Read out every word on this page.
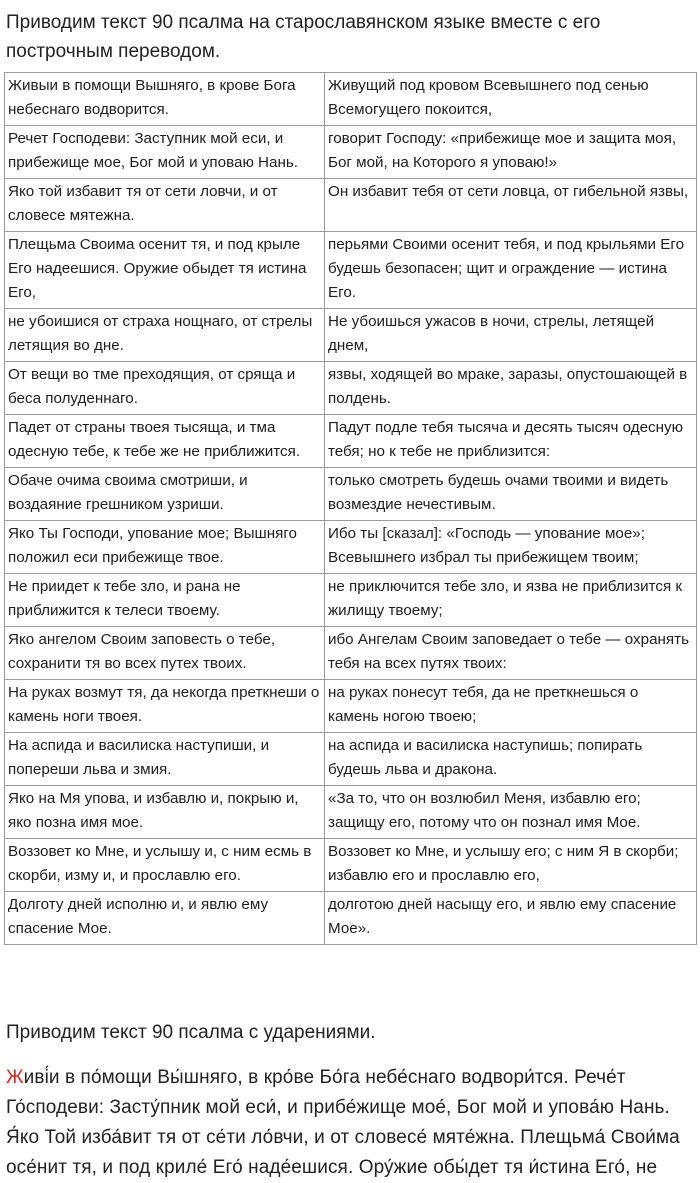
Приводим текст 90 псалма на старославянском языке вместе с его построчным переводом.

Живыи в помощи Вышняго, в крове Бога небеснаго водворится.	Живущий под кровом Всевышнего под сенью Всемогущего покоится,
Речет Господеви: Заступник мой еси, и прибежище мое, Бог мой и уповаю Нань.	говорит Господу: «прибежище мое и защита моя, Бог мой, на Которого я уповаю!»
Яко той избавит тя от сети ловчи, и от словесе мятежна.	Он избавит тебя от сети ловца, от гибельной язвы,
Плещьма Своима осенит тя, и под крыле Его надеешися. Оружие обыдет тя истина Его,	перьями Своими осенит тебя, и под крыльями Его будешь безопасен; щит и ограждение — истина Его.
не убоишися от страха нощнаго, от стрелы летящия во дне.	Не убоишься ужасов в ночи, стрелы, летящей днем,
От вещи во тме преходящия, от сряща и беса полуденнаго.	язвы, ходящей во мраке, заразы, опустошающей в полдень.
Падет от страны твоея тысяща, и тма одесную тебе, к тебе же не приближится.	Падут подле тебя тысяча и десять тысяч одесную тебя; но к тебе не приблизится:
Обаче очима своима смотриши, и воздаяние грешником узриши.	только смотреть будешь очами твоими и видеть возмездие нечестивым.
Яко Ты Господи, упование мое; Вышняго положил еси прибежище твое.	Ибо ты [сказал]: «Господь — упование мое»; Всевышнего избрал ты прибежищем твоим;
Не приидет к тебе зло, и рана не приближится к телеси твоему.	не приключится тебе зло, и язва не приблизится к жилищу твоему;
Яко ангелом Своим заповесть о тебе, сохранити тя во всех путех твоих.	ибо Ангелам Своим заповедает о тебе — охранять тебя на всех путях твоих:
На руках возмут тя, да некогда преткнеши о камень ноги твоея.	на руках понесут тебя, да не преткнешься о камень ногою твоею;
На аспида и василиска наступиши, и попереши льва и змия.	на аспида и василиска наступишь; попирать будешь льва и дракона.
Яко на Мя упова, и избавлю и, покрыю и, яко позна имя мое.	«За то, что он возлюбил Меня, избавлю его; защищу его, потому что он познал имя Мое.
Воззовет ко Мне, и услышу и, с ним есмь в скорби, изму и, и прославлю его.	Воззовет ко Мне, и услышу его; с ним Я в скорби; избавлю его и прославлю его,
Долготу дней исполню и, и явлю ему спасение Мое.	долготою дней насыщу его, и явлю ему спасение Мое».

Приводим текст 90 псалма с ударениями.

Живі́и в по́мощи Вы́шняго, в кро́ве Бо́га небе́снаго водвори́тся. Рече́т Го́сподеви: Засту́пник мой еси́, и прибе́жище мое́, Бог мой и упова́ю Нань. Я́ко Той изба́вит тя от се́ти ло́вчи, и от словесе́ мяте́жна. Плещьма́ Свои́ма осе́нит тя, и под криле́ Его́ наде́ешися. Ору́жие обы́дет тя и́стина Его́, не
